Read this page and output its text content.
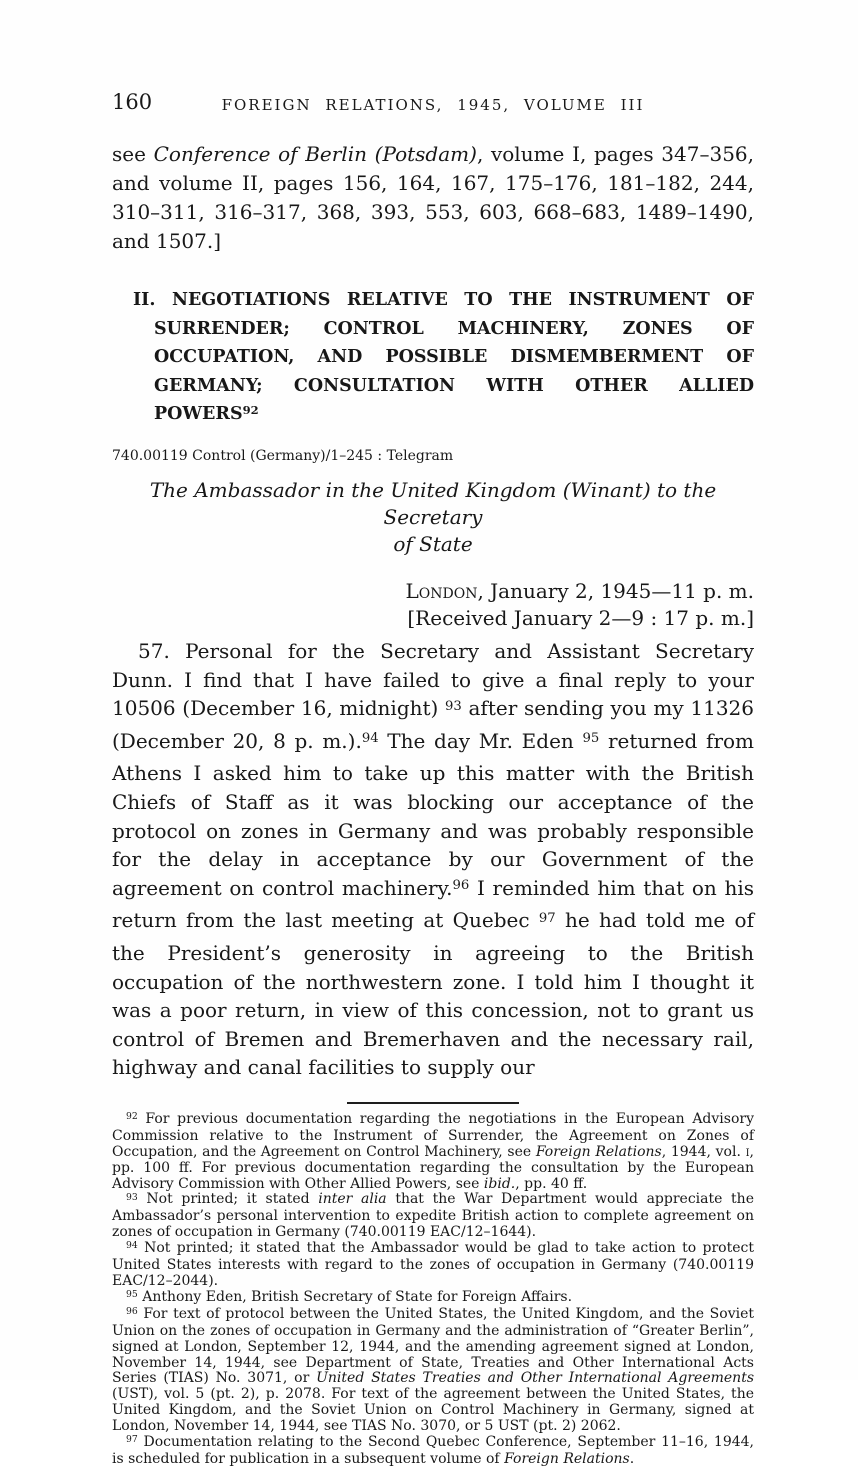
160	FOREIGN RELATIONS, 1945, VOLUME III

see Conference of Berlin (Potsdam), volume I, pages 347–356, and volume II, pages 156, 164, 167, 175–176, 181–182, 244, 310–311, 316–317, 368, 393, 553, 603, 668–683, 1489–1490, and 1507.]

II. NEGOTIATIONS RELATIVE TO THE INSTRUMENT OF SURRENDER; CONTROL MACHINERY, ZONES OF OCCUPATION, AND POSSIBLE DISMEMBERMENT OF GERMANY; CONSULTATION WITH OTHER ALLIED POWERS$^{92}$

740.00119 Control (Germany)/1–245 : Telegram
The Ambassador in the United Kingdom (Winant) to the Secretary
of State
London, January 2, 1945—11 p. m.
[Received January 2—9 : 17 p. m.]

57. Personal for the Secretary and Assistant Secretary Dunn. I find that I have failed to give a final reply to your 10506 (December 16, midnight) $^{93}$ after sending you my 11326 (December 20, 8 p. m.).$^{94}$ The day Mr. Eden $^{95}$ returned from Athens I asked him to take up this matter with the British Chiefs of Staff as it was blocking our acceptance of the protocol on zones in Germany and was probably responsible for the delay in acceptance by our Government of the agreement on control machinery.$^{96}$ I reminded him that on his return from the last meeting at Quebec $^{97}$ he had told me of the President’s generosity in agreeing to the British occupation of the northwestern zone. I told him I thought it was a poor return, in view of this concession, not to grant us control of Bremen and Bremerhaven and the necessary rail, highway and canal facilities to supply our

$^{92}$ For previous documentation regarding the negotiations in the European Advisory Commission relative to the Instrument of Surrender, the Agreement on Zones of Occupation, and the Agreement on Control Machinery, see Foreign Relations, 1944, vol. i, pp. 100 ff. For previous documentation regarding the consultation by the European Advisory Commission with Other Allied Powers, see ibid., pp. 40 ff.

$^{93}$ Not printed; it stated inter alia that the War Department would appreciate the Ambassador’s personal intervention to expedite British action to complete agreement on zones of occupation in Germany (740.00119 EAC/12–1644).

$^{94}$ Not printed; it stated that the Ambassador would be glad to take action to protect United States interests with regard to the zones of occupation in Germany (740.00119 EAC/12–2044).

$^{95}$ Anthony Eden, British Secretary of State for Foreign Affairs.

$^{96}$ For text of protocol between the United States, the United Kingdom, and the Soviet Union on the zones of occupation in Germany and the administration of “Greater Berlin”, signed at London, September 12, 1944, and the amending agreement signed at London, November 14, 1944, see Department of State, Treaties and Other International Acts Series (TIAS) No. 3071, or United States Treaties and Other International Agreements (UST), vol. 5 (pt. 2), p. 2078. For text of the agreement between the United States, the United Kingdom, and the Soviet Union on Control Machinery in Germany, signed at London, November 14, 1944, see TIAS No. 3070, or 5 UST (pt. 2) 2062.

$^{97}$ Documentation relating to the Second Quebec Conference, September 11–16, 1944, is scheduled for publication in a subsequent volume of Foreign Relations.
